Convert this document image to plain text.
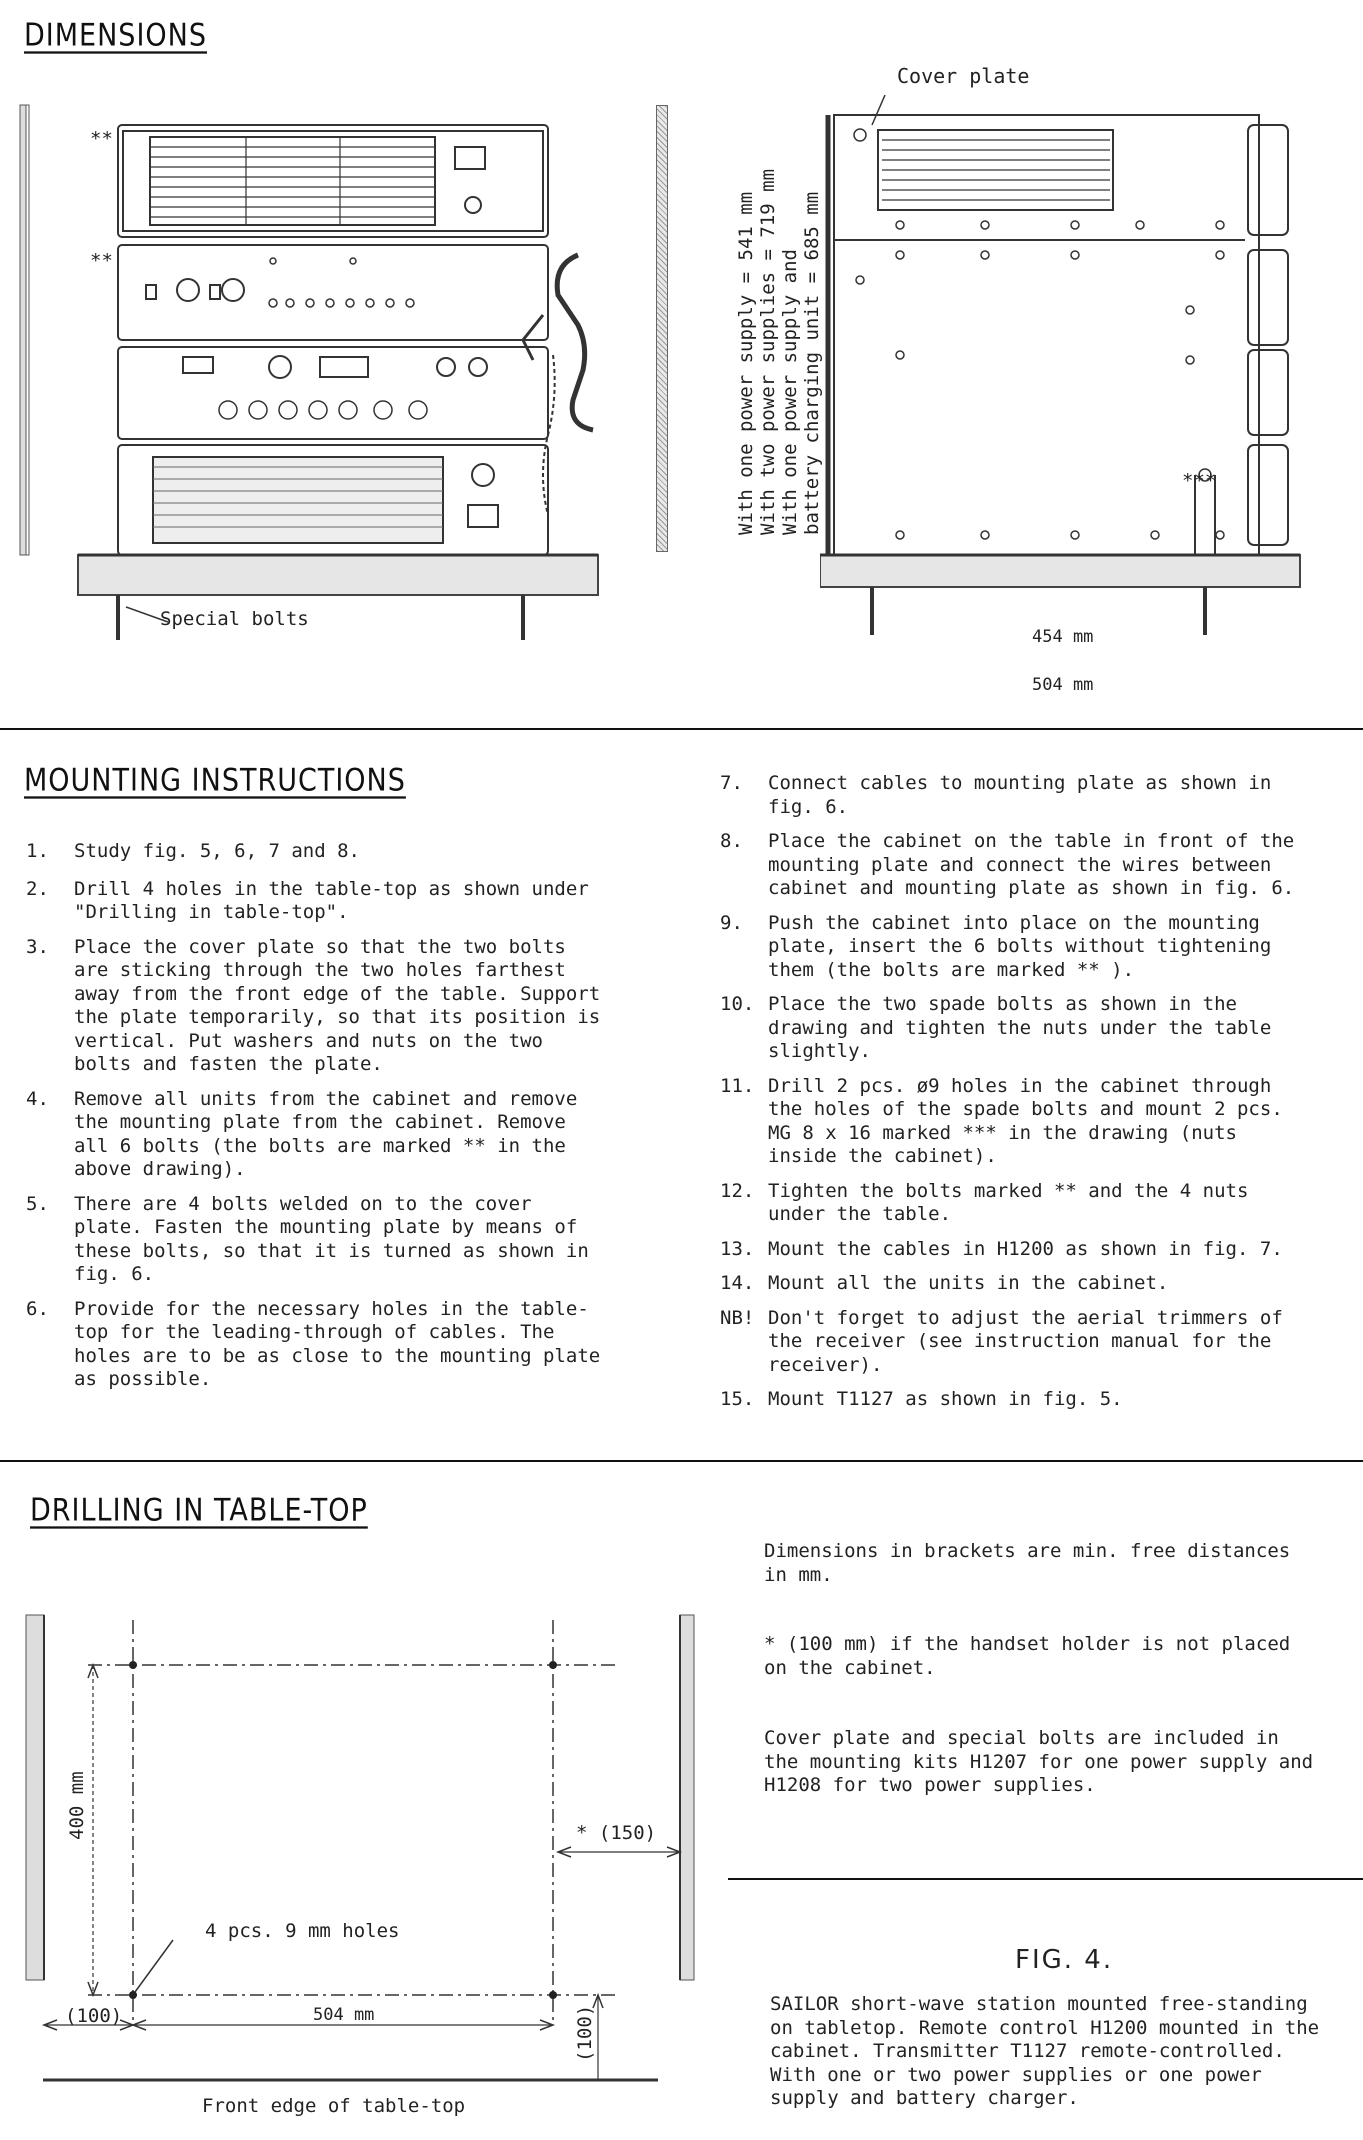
DIMENSIONS
**
**
Special bolts
With one power supply = 541 mm With two power supplies = 719 mm With one power supply and battery charging unit = 685 mm
Cover plate
***
454 mm
504 mm
MOUNTING INSTRUCTIONS
1.	Study fig. 5, 6, 7 and 8.
2.	Drill 4 holes in the table-top as shown under "Drilling in table-top".
3.	Place the cover plate so that the two bolts are sticking through the two holes farthest away from the front edge of the table. Support the plate temporarily, so that its position is vertical. Put washers and nuts on the two bolts and fasten the plate.
4.	Remove all units from the cabinet and remove the mounting plate from the cabinet. Remove all 6 bolts (the bolts are marked ** in the above drawing).
5.	There are 4 bolts welded on to the cover plate. Fasten the mounting plate by means of these bolts, so that it is turned as shown in fig. 6.
6.	Provide for the necessary holes in the table-top for the leading-through of cables. The holes are to be as close to the mounting plate as possible.
7.	Connect cables to mounting plate as shown in fig. 6.
8.	Place the cabinet on the table in front of the mounting plate and connect the wires between cabinet and mounting plate as shown in fig. 6.
9.	Push the cabinet into place on the mounting plate, insert the 6 bolts without tightening them (the bolts are marked ** ).
10. Place the two spade bolts as shown in the drawing and tighten the nuts under the table slightly.
11. Drill 2 pcs. ø9 holes in the cabinet through the holes of the spade bolts and mount 2 pcs. MG 8 x 16 marked *** in the drawing (nuts inside the cabinet).
12. Tighten the bolts marked ** and the 4 nuts under the table.
13. Mount the cables in H1200 as shown in fig. 7.
14. Mount all the units in the cabinet.
NB! Don't forget to adjust the aerial trimmers of the receiver (see instruction manual for the receiver).
15. Mount T1127 as shown in fig. 5.
DRILLING IN TABLE-TOP
400 mm	* (150)
4 pcs. 9 mm holes
(100)	504 mm	(100)
Front edge of table-top
Dimensions in brackets are min. free distances in mm.
* (100 mm) if the handset holder is not placed on the cabinet.
Cover plate and special bolts are included in the mounting kits H1207 for one power supply and H1208 for two power supplies.
FIG. 4.
SAILOR short-wave station mounted free-standing on tabletop. Remote control H1200 mounted in the cabinet. Transmitter T1127 remote-controlled. With one or two power supplies or one power supply and battery charger.
